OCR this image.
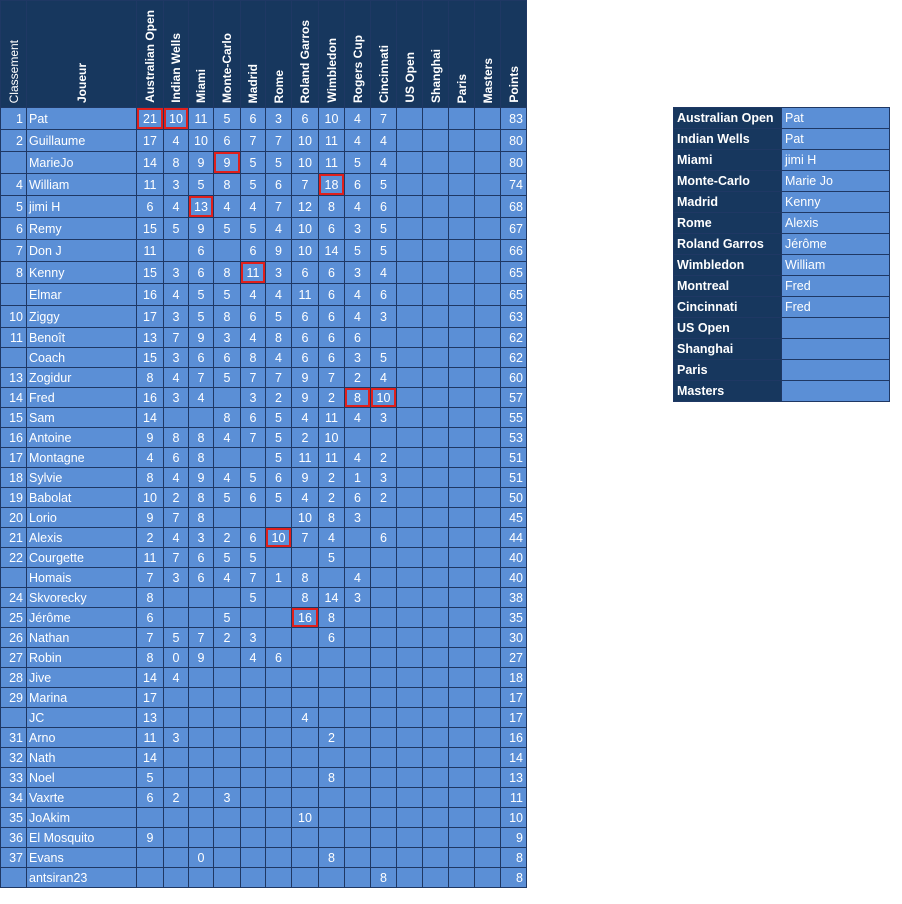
Classement	Joueur	Australian Open	Indian Wells	Miami	Monte-Carlo	Madrid	Rome	Roland Garros	Wimbledon	Rogers Cup	Cincinnati	US Open	Shanghai	Paris	Masters	Points

1	Pat	21	10	11	5	6	3	6	10	4	7					83
2	Guillaume	17	4	10	6	7	7	10	11	4	4					80
	MarieJo	14	8	9	9	5	5	10	11	5	4					80
4	William	11	3	5	8	5	6	7	18	6	5					74
5	jimi H	6	4	13	4	4	7	12	8	4	6					68
6	Remy	15	5	9	5	5	4	10	6	3	5					67
7	Don J	11		6		6	9	10	14	5	5					66
8	Kenny	15	3	6	8	11	3	6	6	3	4					65
	Elmar	16	4	5	5	4	4	11	6	4	6					65
10	Ziggy	17	3	5	8	6	5	6	6	4	3					63
11	Benoît	13	7	9	3	4	8	6	6	6						62
	Coach	15	3	6	6	8	4	6	6	3	5					62
13	Zogidur	8	4	7	5	7	7	9	7	2	4					60
14	Fred	16	3	4		3	2	9	2	8	10					57
15	Sam	14			8	6	5	4	11	4	3					55
16	Antoine	9	8	8	4	7	5	2	10							53
17	Montagne	4	6	8			5	11	11	4	2					51
18	Sylvie	8	4	9	4	5	6	9	2	1	3					51
19	Babolat	10	2	8	5	6	5	4	2	6	2					50
20	Lorio	9	7	8				10	8	3						45
21	Alexis	2	4	3	2	6	10	7	4		6					44
22	Courgette	11	7	6	5	5			5							40
	Homais	7	3	6	4	7	1	8		4						40
24	Skvorecky	8				5		8	14	3						38
25	Jérôme	6			5			16	8							35
26	Nathan	7	5	7	2	3			6							30
27	Robin	8	0	9		4	6									27
28	Jive	14	4													18
29	Marina	17														17
	JC	13						4								17
31	Arno	11	3						2							16
32	Nath	14														14
33	Noel	5							8							13
34	Vaxrte	6	2		3											11
35	JoAkim							10								10
36	El Mosquito	9														9
37	Evans			0					8							8
	antsiran23										8					8
Australian Open	Pat
Indian Wells	Pat
Miami	jimi H
Monte-Carlo	Marie Jo
Madrid	Kenny
Rome	Alexis
Roland Garros	Jérôme
Wimbledon	William
Montreal	Fred
Cincinnati	Fred
US Open	
Shanghai	
Paris	
Masters	
